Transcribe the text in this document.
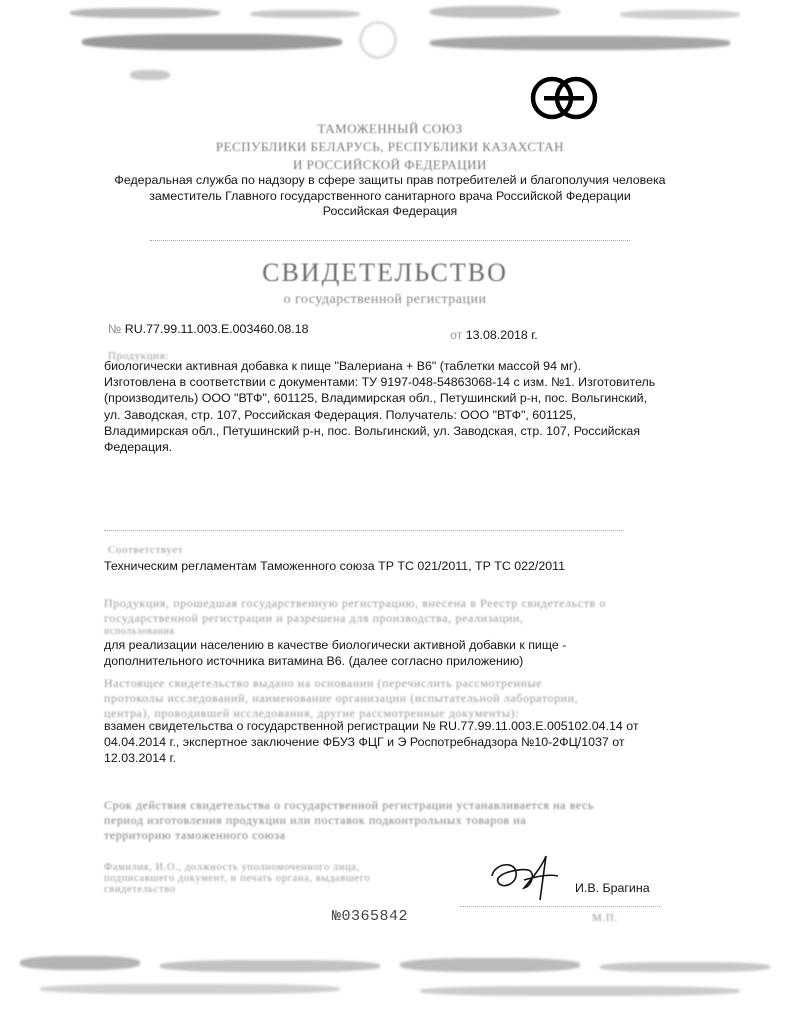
ТАМОЖЕННЫЙ СОЮЗ
РЕСПУБЛИКИ БЕЛАРУСЬ, РЕСПУБЛИКИ КАЗАХСТАН
И РОССИЙСКОЙ ФЕДЕРАЦИИ
Федеральная служба по надзору в сфере защиты прав потребителей и благополучия человека
заместитель Главного государственного санитарного врача Российской Федерации
Российская Федерация
СВИДЕТЕЛЬСТВО
о государственной регистрации
№ RU.77.99.11.003.Е.003460.08.18	от 13.08.2018 г.
Продукция:
биологически активная добавка к пище "Валериана + В6" (таблетки массой 94 мг). Изготовлена в соответствии с документами: ТУ 9197-048-54863068-14 с изм. №1. Изготовитель (производитель) ООО "ВТФ", 601125, Владимирская обл., Петушинский р-н, пос. Вольгинский, ул. Заводская, стр. 107, Российская Федерация. Получатель: ООО "ВТФ", 601125, Владимирская обл., Петушинский р-н, пос. Вольгинский, ул. Заводская, стр. 107, Российская Федерация.
Соответствует
Техническим регламентам Таможенного союза ТР ТС 021/2011, ТР ТС 022/2011
Продукция, прошедшая государственную регистрацию, внесена в Реестр свидетельств о
государственной регистрации и разрешена для производства, реализации,
использования
для реализации населению в качестве биологически активной добавки к пище - дополнительного источника витамина В6. (далее согласно приложению)
Настоящее свидетельство выдано на основании (перечислить рассмотренные
протоколы исследований, наименование организации (испытательной лаборатории,
центра), проводившей исследования, другие рассмотренные документы):
взамен свидетельства о государственной регистрации № RU.77.99.11.003.Е.005102.04.14 от 04.04.2014 г., экспертное заключение ФБУЗ ФЦГ и Э Роспотребнадзора №10-2ФЦ/1037 от 12.03.2014 г.
Срок действия свидетельства о государственной регистрации устанавливается на весь
период изготовления продукции или поставок подконтрольных товаров на
территорию таможенного союза
Фамилия, И.О., должность уполномоченного лица,
подписавшего документ, и печать органа, выдавшего
свидетельство	И.В. Брагина
№0365842	М.П.
